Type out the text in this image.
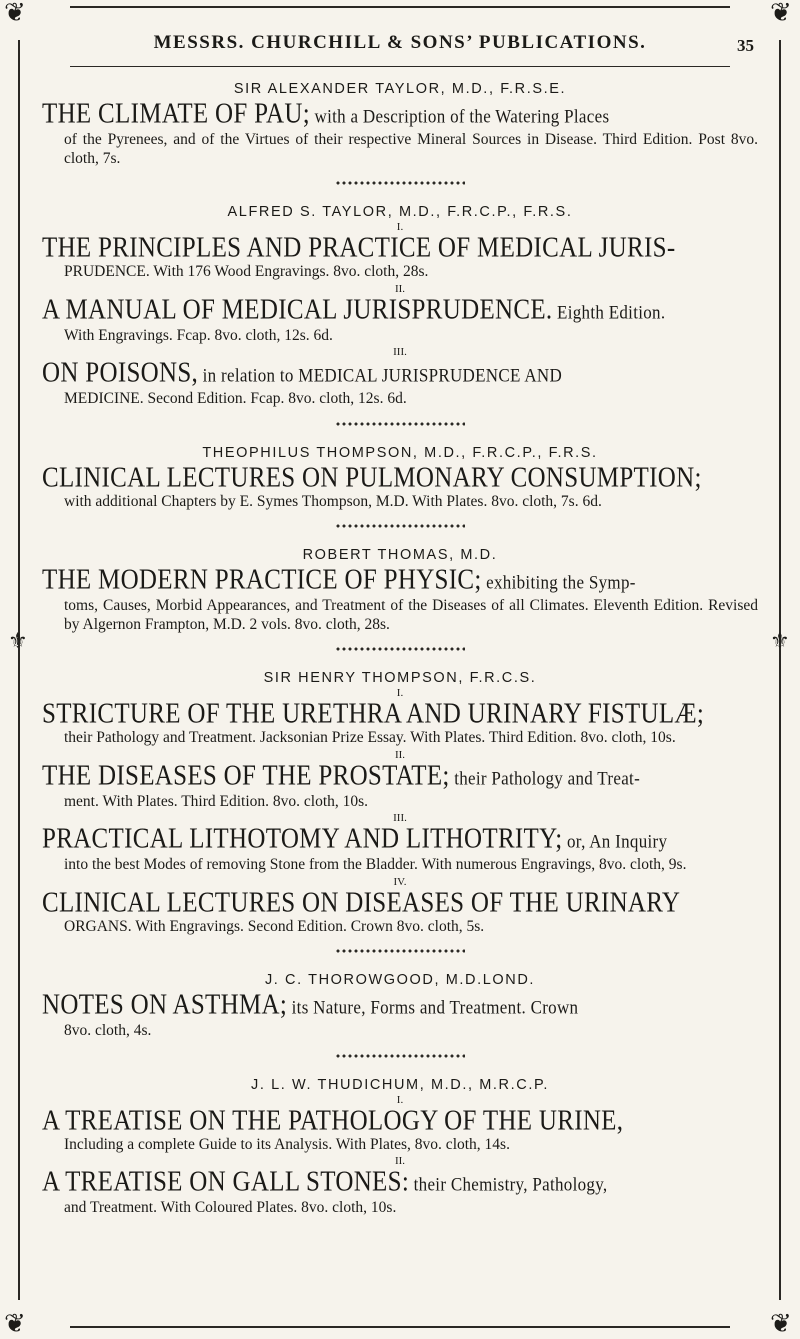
❦	❦
❦	❦
⚜	⚜
MESSRS. CHURCHILL & SONS’ PUBLICATIONS.	35
SIR ALEXANDER TAYLOR, M.D., F.R.S.E.
THE CLIMATE OF PAU; with a Description of the Watering Places
of the Pyrenees, and of the Virtues of their respective Mineral Sources in Disease. Third Edition. Post 8vo. cloth, 7s.
ALFRED S. TAYLOR, M.D., F.R.C.P., F.R.S.
I.
THE PRINCIPLES AND PRACTICE OF MEDICAL JURIS-
PRUDENCE. With 176 Wood Engravings. 8vo. cloth, 28s.
II.
A MANUAL OF MEDICAL JURISPRUDENCE. Eighth Edition.
With Engravings. Fcap. 8vo. cloth, 12s. 6d.
III.
ON POISONS, in relation to MEDICAL JURISPRUDENCE AND
MEDICINE. Second Edition. Fcap. 8vo. cloth, 12s. 6d.
THEOPHILUS THOMPSON, M.D., F.R.C.P., F.R.S.
CLINICAL LECTURES ON PULMONARY CONSUMPTION;
with additional Chapters by E. Symes Thompson, M.D. With Plates. 8vo. cloth, 7s. 6d.
ROBERT THOMAS, M.D.
THE MODERN PRACTICE OF PHYSIC; exhibiting the Symp-
toms, Causes, Morbid Appearances, and Treatment of the Diseases of all Climates. Eleventh Edition. Revised by Algernon Frampton, M.D. 2 vols. 8vo. cloth, 28s.
SIR HENRY THOMPSON, F.R.C.S.
I.
STRICTURE OF THE URETHRA AND URINARY FISTULÆ;
their Pathology and Treatment. Jacksonian Prize Essay. With Plates. Third Edition. 8vo. cloth, 10s.
II.
THE DISEASES OF THE PROSTATE; their Pathology and Treat-
ment. With Plates. Third Edition. 8vo. cloth, 10s.
III.
PRACTICAL LITHOTOMY AND LITHOTRITY; or, An Inquiry
into the best Modes of removing Stone from the Bladder. With numerous Engravings, 8vo. cloth, 9s.
IV.
CLINICAL LECTURES ON DISEASES OF THE URINARY
ORGANS. With Engravings. Second Edition. Crown 8vo. cloth, 5s.
J. C. THOROWGOOD, M.D.LOND.
NOTES ON ASTHMA; its Nature, Forms and Treatment. Crown
8vo. cloth, 4s.
J. L. W. THUDICHUM, M.D., M.R.C.P.
I.
A TREATISE ON THE PATHOLOGY OF THE URINE,
Including a complete Guide to its Analysis. With Plates, 8vo. cloth, 14s.
II.
A TREATISE ON GALL STONES: their Chemistry, Pathology,
and Treatment. With Coloured Plates. 8vo. cloth, 10s.
